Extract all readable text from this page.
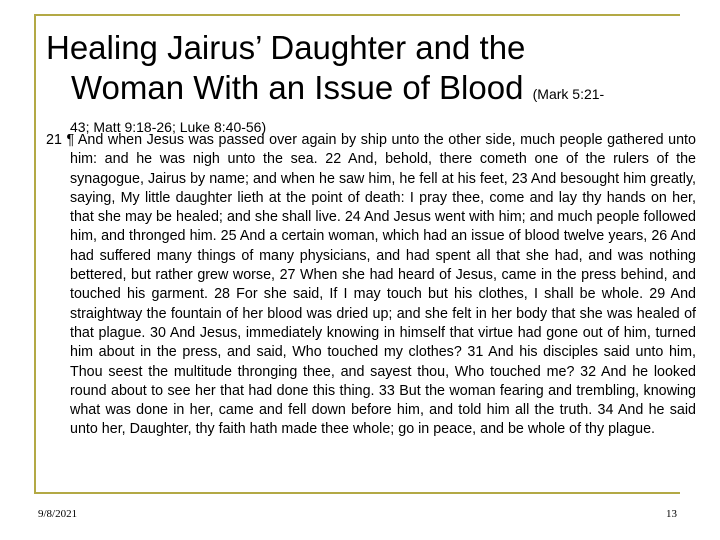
Healing Jairus’ Daughter and the
Woman With an Issue of Blood (Mark 5:21-
43; Matt 9:18-26; Luke 8:40-56)

21 ¶ And when Jesus was passed over again by ship unto the other side, much people gathered unto him: and he was nigh unto the sea. 22 And, behold, there cometh one of the rulers of the synagogue, Jairus by name; and when he saw him, he fell at his feet, 23 And besought him greatly, saying, My little daughter lieth at the point of death: I pray thee, come and lay thy hands on her, that she may be healed; and she shall live. 24 And Jesus went with him; and much people followed him, and thronged him. 25 And a certain woman, which had an issue of blood twelve years, 26 And had suffered many things of many physicians, and had spent all that she had, and was nothing bettered, but rather grew worse, 27 When she had heard of Jesus, came in the press behind, and touched his garment. 28 For she said, If I may touch but his clothes, I shall be whole. 29 And straightway the fountain of her blood was dried up; and she felt in her body that she was healed of that plague. 30 And Jesus, immediately knowing in himself that virtue had gone out of him, turned him about in the press, and said, Who touched my clothes? 31 And his disciples said unto him, Thou seest the multitude thronging thee, and sayest thou, Who touched me? 32 And he looked round about to see her that had done this thing. 33 But the woman fearing and trembling, knowing what was done in her, came and fell down before him, and told him all the truth. 34 And he said unto her, Daughter, thy faith hath made thee whole; go in peace, and be whole of thy plague.

9/8/2021	13
